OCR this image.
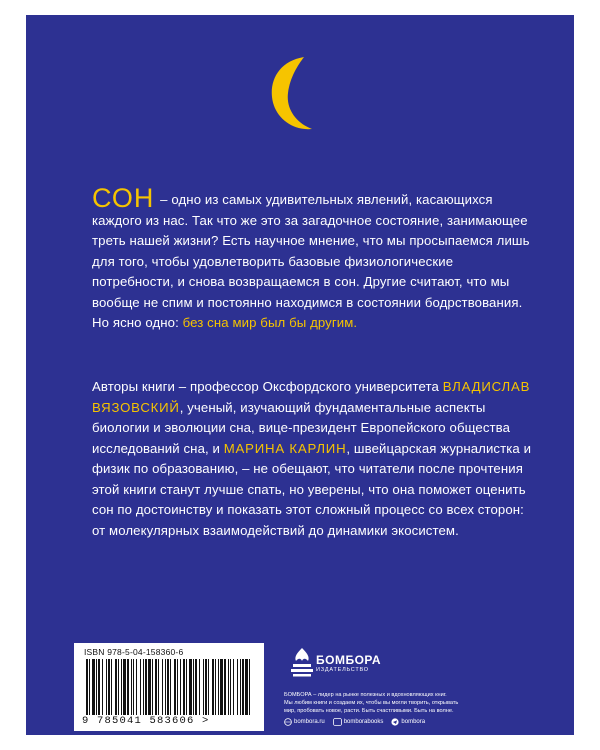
СОН – одно из самых удивительных явлений, касающихся каждого из нас. Так что же это за загадочное состояние, занимающее треть нашей жизни? Есть научное мнение, что мы просыпаемся лишь для того, чтобы удовлетворить базовые физиологические потребности, и снова возвращаемся в сон. Другие считают, что мы вообще не спим и постоянно находимся в состоянии бодрствования. Но ясно одно: без сна мир был бы другим.
Авторы книги – профессор Оксфордского университета ВЛАДИСЛАВ ВЯЗОВСКИЙ, ученый, изучающий фундаментальные аспекты биологии и эволюции сна, вице-президент Европейского общества исследований сна, и МАРИНА КАРЛИН, швейцарская журналистка и физик по образованию, – не обещают, что читатели после прочтения этой книги станут лучше спать, но уверены, что она поможет оценить сон по достоинству и показать этот сложный процесс со всех сторон: от молекулярных взаимодействий до динамики экосистем.
ISBN 978-5-04-158360-6
9 785041 583606 >
БОМБОРА
ИЗДАТЕЛЬСТВО
БОМБОРА – лидер на рынке полезных и вдохновляющих книг.
Мы любим книги и создаем их, чтобы вы могли творить, открывать
мир, пробовать новое, расти. Быть счастливыми. Быть на волне.
bombora.ru	bomborabooks	bombora
